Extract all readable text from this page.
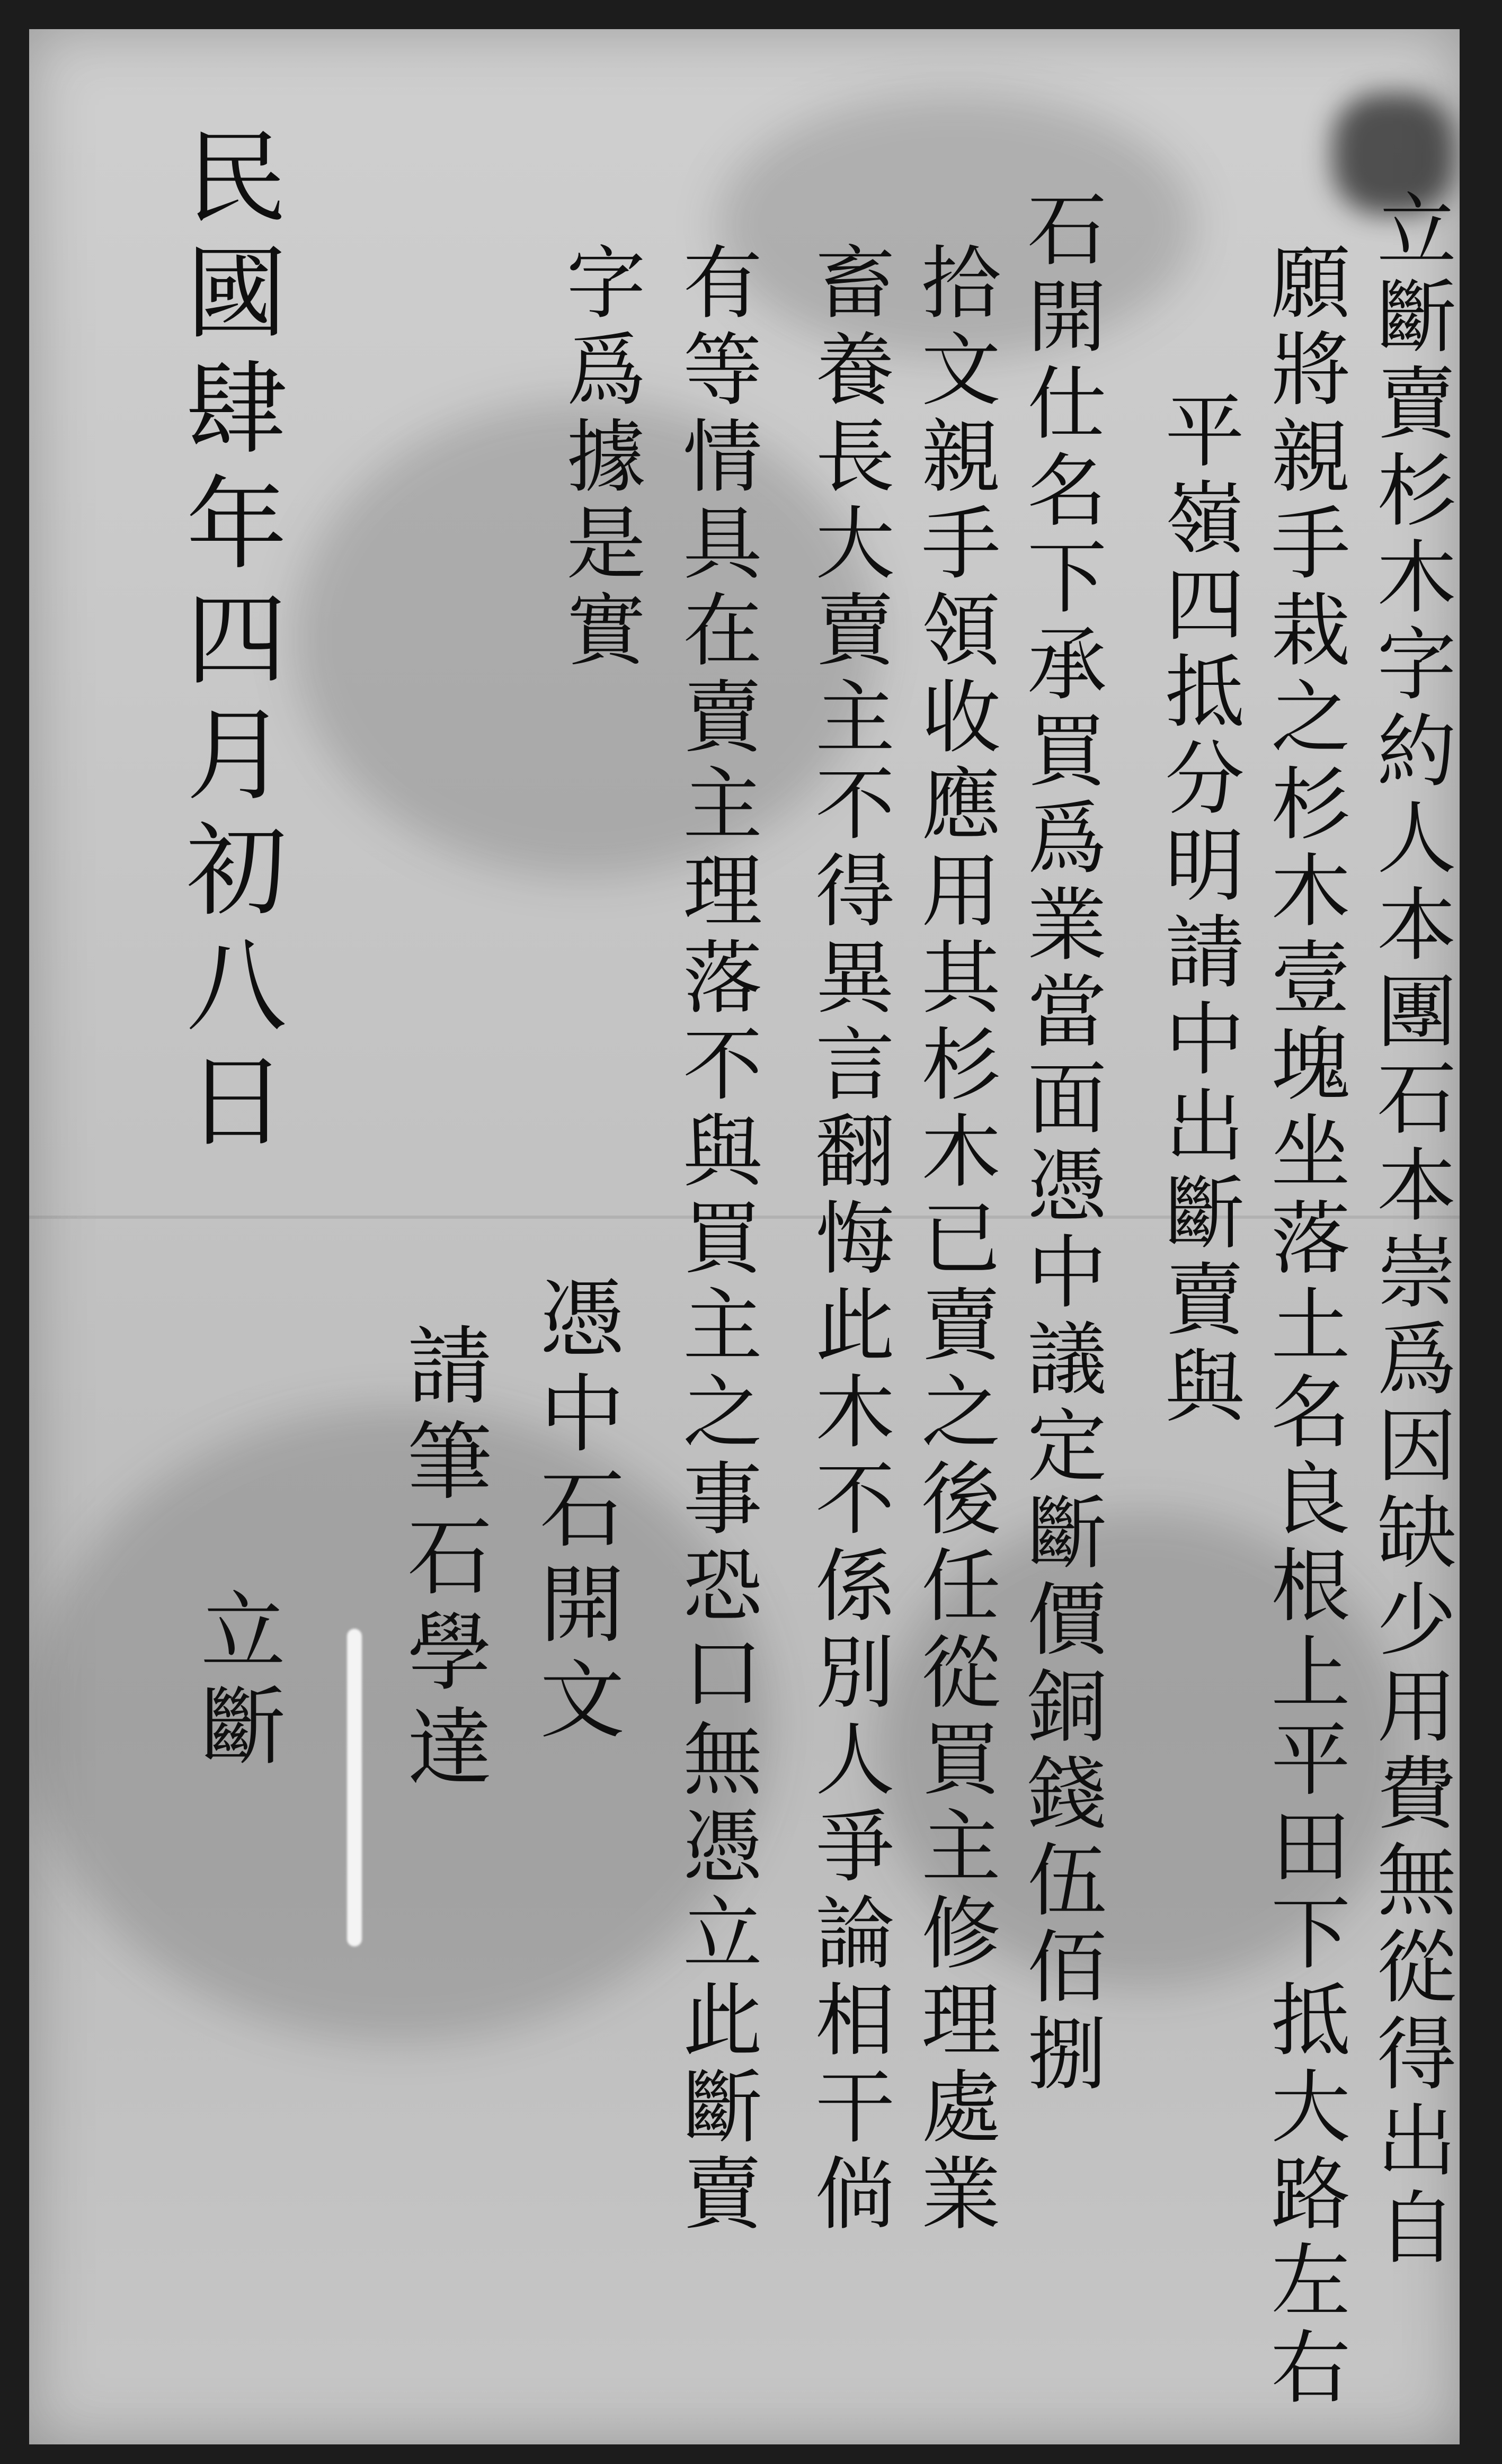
立斷賣杉木字約人本團石本崇爲因缺少用費無從得出自
願將親手栽之杉木壹塊坐落土名良根上平田下抵大路左右
平嶺四抵分明請中出斷賣與
石開仕名下承買爲業當面憑中議定斷價銅錢伍佰捌
拾文親手領收應用其杉木已賣之後任從買主修理處業
畜養長大賣主不得異言翻悔此木不係別人爭論相干倘
有等情具在賣主理落不與買主之事恐口無憑立此斷賣
字爲據是實
憑中石開文
請筆石學達
民國肆年四月初八日
立斷
